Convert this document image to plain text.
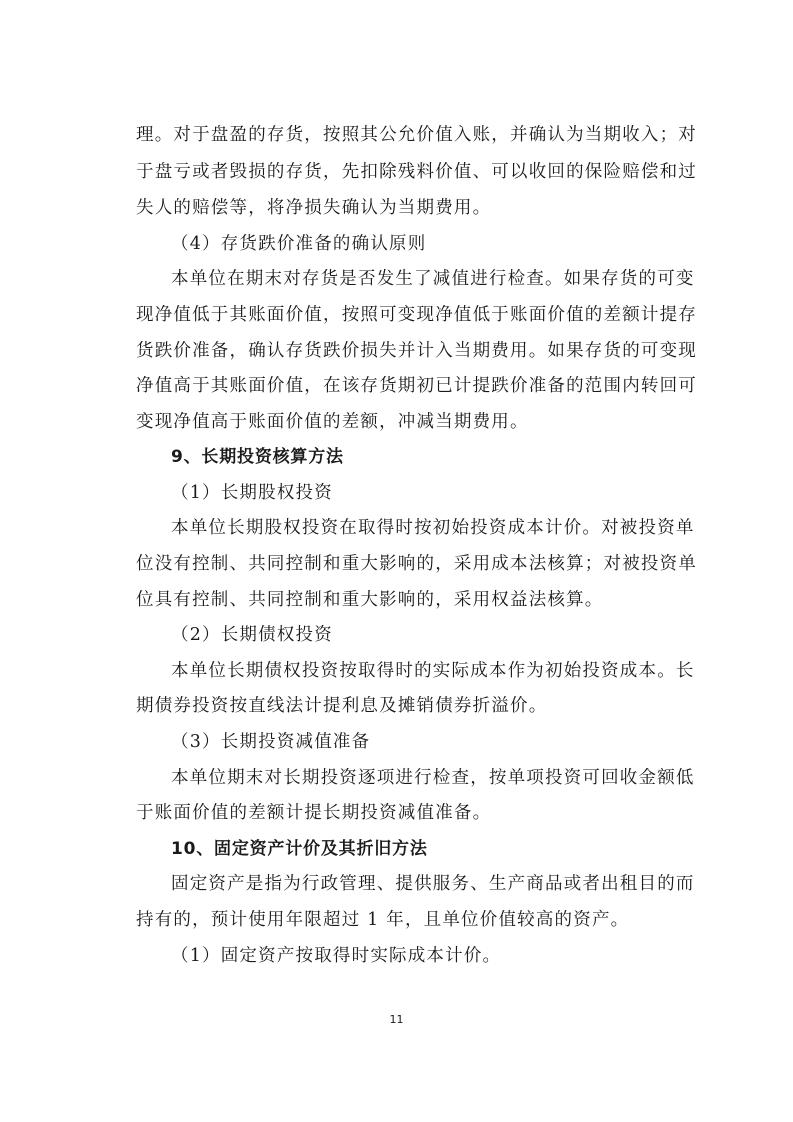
理。对于盘盈的存货，按照其公允价值入账，并确认为当期收入；对
于盘亏或者毁损的存货，先扣除残料价值、可以收回的保险赔偿和过
失人的赔偿等，将净损失确认为当期费用。
（4）存货跌价准备的确认原则
本单位在期末对存货是否发生了减值进行检查。如果存货的可变
现净值低于其账面价值，按照可变现净值低于账面价值的差额计提存
货跌价准备，确认存货跌价损失并计入当期费用。如果存货的可变现
净值高于其账面价值，在该存货期初已计提跌价准备的范围内转回可
变现净值高于账面价值的差额，冲减当期费用。
9、长期投资核算方法
（1）长期股权投资
本单位长期股权投资在取得时按初始投资成本计价。对被投资单
位没有控制、共同控制和重大影响的，采用成本法核算；对被投资单
位具有控制、共同控制和重大影响的，采用权益法核算。
（2）长期债权投资
本单位长期债权投资按取得时的实际成本作为初始投资成本。长
期债券投资按直线法计提利息及摊销债券折溢价。
（3）长期投资减值准备
本单位期末对长期投资逐项进行检查，按单项投资可回收金额低
于账面价值的差额计提长期投资减值准备。
10、固定资产计价及其折旧方法
固定资产是指为行政管理、提供服务、生产商品或者出租目的而
持有的，预计使用年限超过 1 年，且单位价值较高的资产。
（1）固定资产按取得时实际成本计价。
11
